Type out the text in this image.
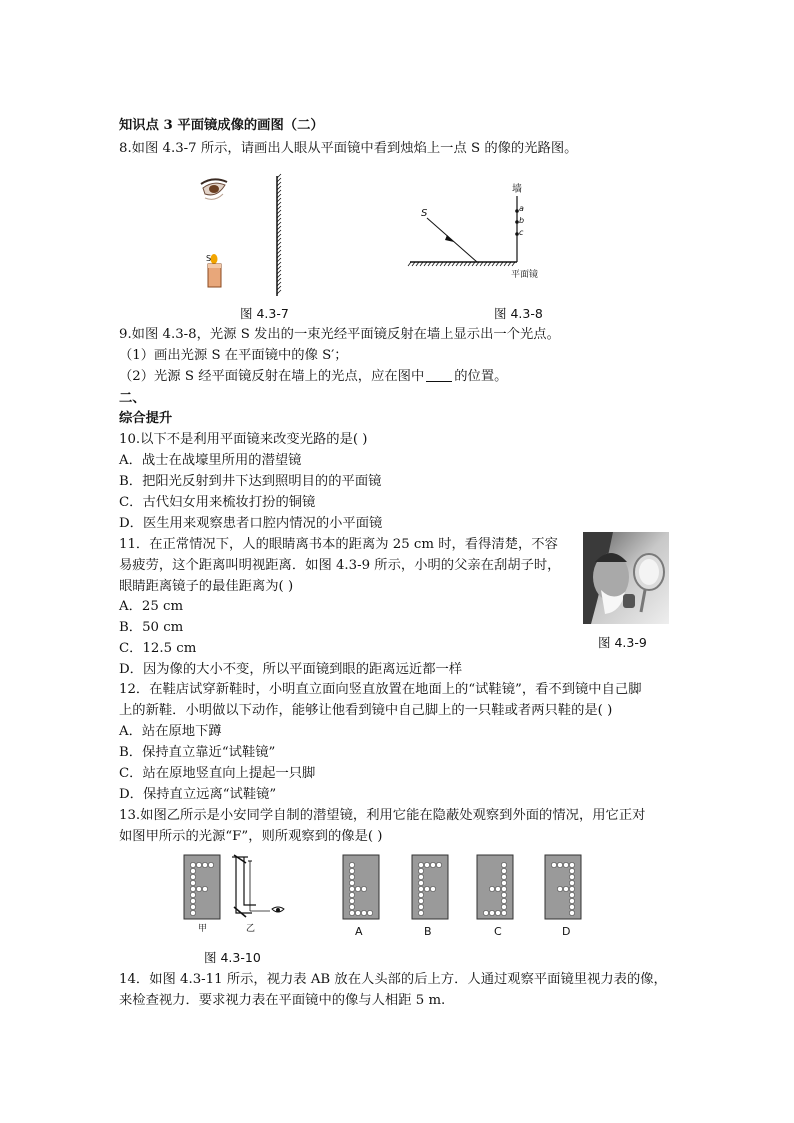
知识点 3 平面镜成像的画图（二）
8.如图 4.3-7 所示，请画出人眼从平面镜中看到烛焰上一点 S 的像的光路图。
S
图 4.3-7
墙
a
b
c
S
平面镜
图 4.3-8
9.如图 4.3-8，光源 S 发出的一束光经平面镜反射在墙上显示出一个光点。
（1）画出光源 S 在平面镜中的像 S′；
（2）光源 S 经平面镜反射在墙上的光点，应在图中 的位置。
二、
综合提升
10.以下不是利用平面镜来改变光路的是( )
A．战士在战壕里所用的潜望镜
B．把阳光反射到井下达到照明目的的平面镜
C．古代妇女用来梳妆打扮的铜镜
D．医生用来观察患者口腔内情况的小平面镜
11．在正常情况下，人的眼睛离书本的距离为 25 cm 时，看得清楚，不容
易疲劳，这个距离叫明视距离．如图 4.3-9 所示，小明的父亲在刮胡子时，
眼睛距离镜子的最佳距离为( )
A．25 cm
B．50 cm
C．12.5 cm
D．因为像的大小不变，所以平面镜到眼的距离远近都一样
图 4.3-9
12．在鞋店试穿新鞋时，小明直立面向竖直放置在地面上的“试鞋镜”，看不到镜中自己脚
上的新鞋．小明做以下动作，能够让他看到镜中自己脚上的一只鞋或者两只鞋的是( )
A．站在原地下蹲
B．保持直立靠近“试鞋镜”
C．站在原地竖直向上提起一只脚
D．保持直立远离“试鞋镜”
13.如图乙所示是小安同学自制的潜望镜，利用它能在隐蔽处观察到外面的情况，用它正对
如图甲所示的光源“F”，则所观察到的像是( )
甲	乙	A	B	C	D
图 4.3-10
14．如图 4.3-11 所示，视力表 AB 放在人头部的后上方．人通过观察平面镜里视力表的像，
来检查视力．要求视力表在平面镜中的像与人相距 5 m.
